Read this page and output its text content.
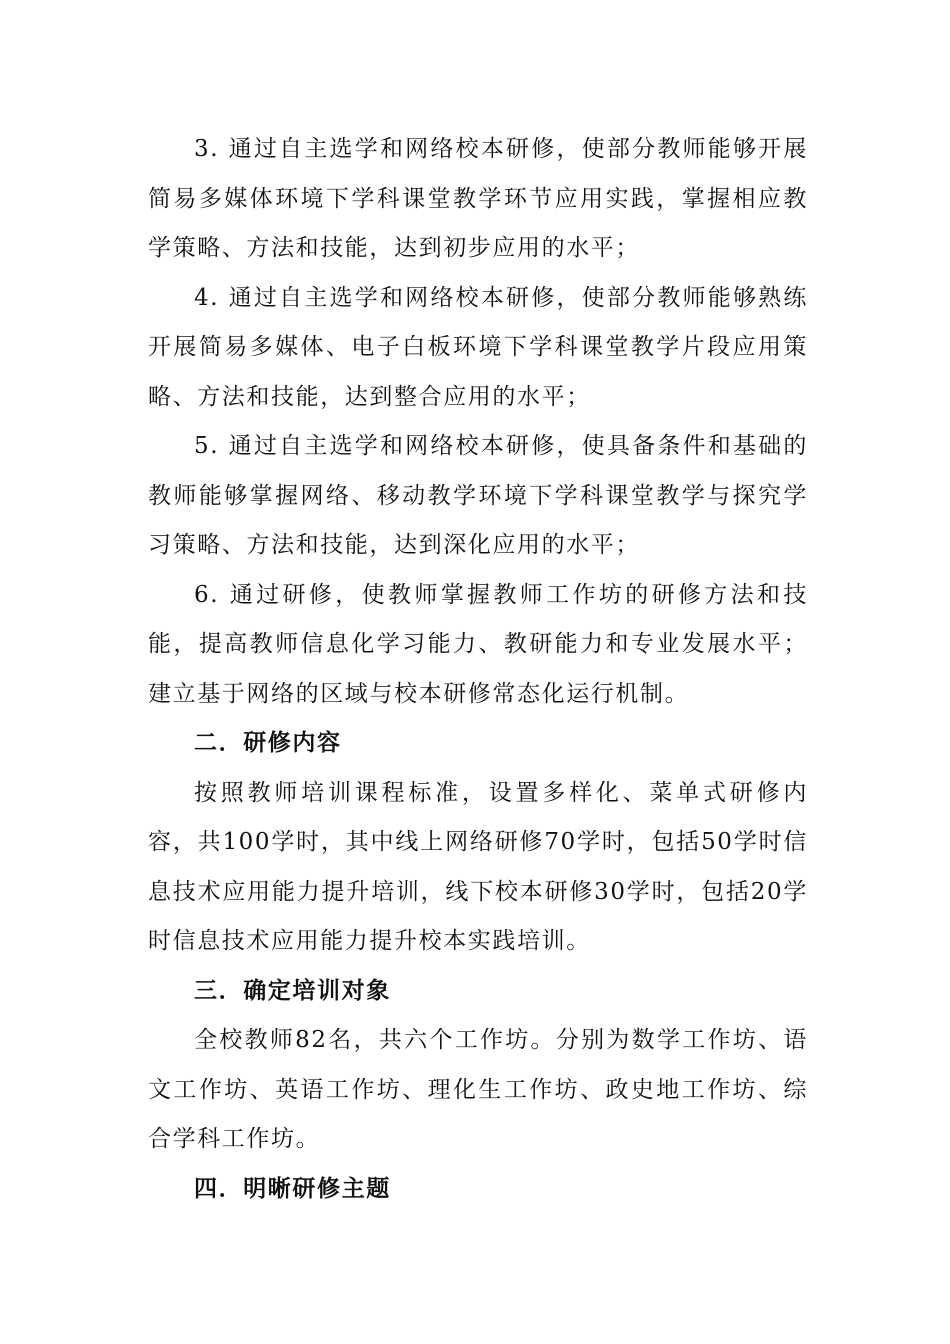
3. 通过自主选学和网络校本研修，使部分教师能够开展简易多媒体环境下学科课堂教学环节应用实践，掌握相应教学策略、方法和技能，达到初步应用的水平；

4. 通过自主选学和网络校本研修，使部分教师能够熟练开展简易多媒体、电子白板环境下学科课堂教学片段应用策略、方法和技能，达到整合应用的水平；

5. 通过自主选学和网络校本研修，使具备条件和基础的教师能够掌握网络、移动教学环境下学科课堂教学与探究学习策略、方法和技能，达到深化应用的水平；

6. 通过研修，使教师掌握教师工作坊的研修方法和技能，提高教师信息化学习能力、教研能力和专业发展水平；建立基于网络的区域与校本研修常态化运行机制。

二．研修内容

按照教师培训课程标准，设置多样化、菜单式研修内容，共100学时，其中线上网络研修70学时，包括50学时信息技术应用能力提升培训，线下校本研修30学时，包括20学时信息技术应用能力提升校本实践培训。

三．确定培训对象

全校教师82名，共六个工作坊。分别为数学工作坊、语文工作坊、英语工作坊、理化生工作坊、政史地工作坊、综合学科工作坊。

四．明晰研修主题
